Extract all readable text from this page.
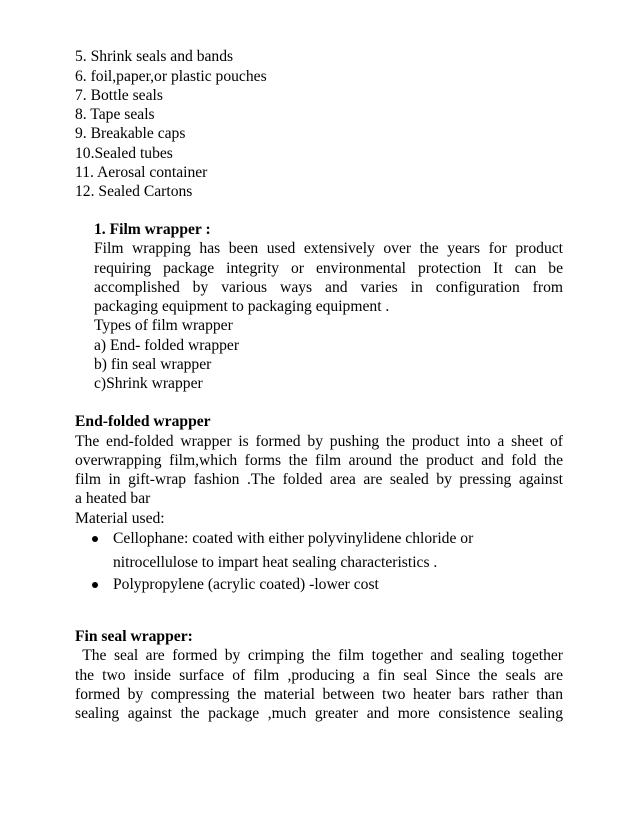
5. Shrink seals and bands
6. foil,paper,or plastic pouches
7. Bottle seals
8. Tape seals
9. Breakable caps
10.Sealed tubes
11. Aerosal container
12. Sealed Cartons
1. Film wrapper :
Film wrapping has been used extensively over the years for product
requiring package integrity or environmental protection It can be
accomplished by various ways and varies in configuration from
packaging equipment to packaging equipment .
Types of film wrapper
a) End- folded wrapper
b) fin seal wrapper
c)Shrink wrapper
End-folded wrapper
The end-folded wrapper is formed by pushing the product into a sheet of
overwrapping film,which forms the film around the product and fold the
film in gift-wrap fashion .The folded area are sealed by pressing against
a heated bar
Material used:
Cellophane: coated with either polyvinylidene chloride or
nitrocellulose to impart heat sealing characteristics .
Polypropylene (acrylic coated) -lower cost
Fin seal wrapper:
The seal are formed by crimping the film together and sealing together
the two inside surface of film ,producing a fin seal Since the seals are
formed by compressing the material between two heater bars rather than
sealing against the package ,much greater and more consistence sealing
